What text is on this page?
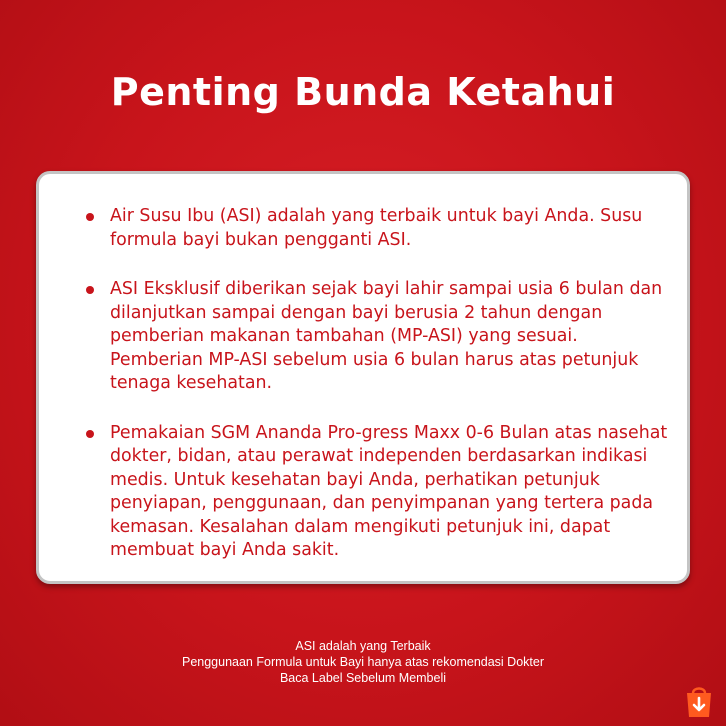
Penting Bunda Ketahui
Air Susu Ibu (ASI) adalah yang terbaik untuk bayi Anda. Susu formula bayi bukan pengganti ASI.
ASI Eksklusif diberikan sejak bayi lahir sampai usia 6 bulan dan dilanjutkan sampai dengan bayi berusia 2 tahun dengan pemberian makanan tambahan (MP-ASI) yang sesuai. Pemberian MP-ASI sebelum usia 6 bulan harus atas petunjuk tenaga kesehatan.
Pemakaian SGM Ananda Pro-gress Maxx 0-6 Bulan atas nasehat dokter, bidan, atau perawat independen berdasarkan indikasi medis. Untuk kesehatan bayi Anda, perhatikan petunjuk penyiapan, penggunaan, dan penyimpanan yang tertera pada kemasan. Kesalahan dalam mengikuti petunjuk ini, dapat membuat bayi Anda sakit.
ASI adalah yang Terbaik
Penggunaan Formula untuk Bayi hanya atas rekomendasi Dokter
Baca Label Sebelum Membeli
